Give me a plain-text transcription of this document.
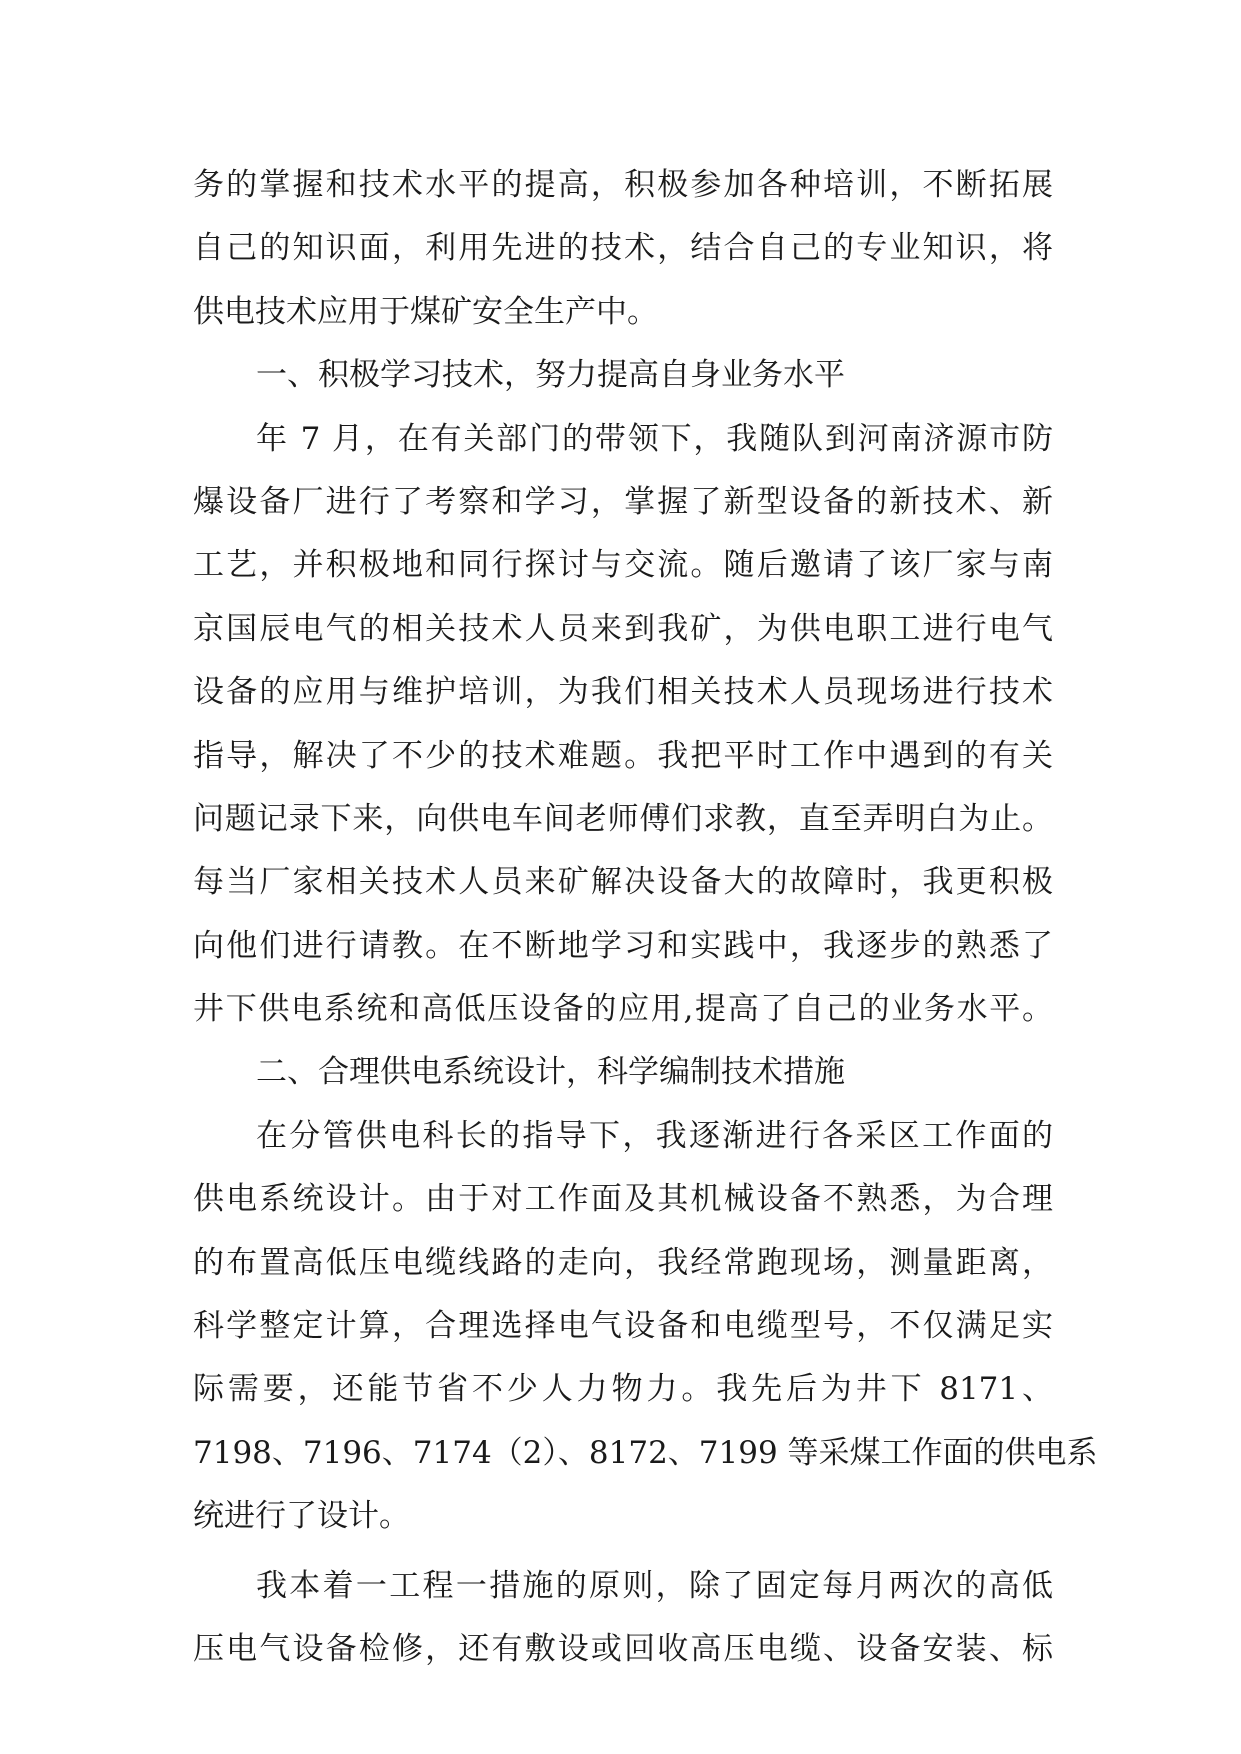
务的掌握和技术水平的提高，积极参加各种培训，不断拓展
自己的知识面，利用先进的技术，结合自己的专业知识，将
供电技术应用于煤矿安全生产中。
一、积极学习技术，努力提高自身业务水平
年 7 月，在有关部门的带领下，我随队到河南济源市防
爆设备厂进行了考察和学习，掌握了新型设备的新技术、新
工艺，并积极地和同行探讨与交流。随后邀请了该厂家与南
京国辰电气的相关技术人员来到我矿，为供电职工进行电气
设备的应用与维护培训，为我们相关技术人员现场进行技术
指导，解决了不少的技术难题。我把平时工作中遇到的有关
问题记录下来，向供电车间老师傅们求教，直至弄明白为止。
每当厂家相关技术人员来矿解决设备大的故障时，我更积极
向他们进行请教。在不断地学习和实践中，我逐步的熟悉了
井下供电系统和高低压设备的应用,提高了自己的业务水平。
二、合理供电系统设计，科学编制技术措施
在分管供电科长的指导下，我逐渐进行各采区工作面的
供电系统设计。由于对工作面及其机械设备不熟悉，为合理
的布置高低压电缆线路的走向，我经常跑现场，测量距离，
科学整定计算，合理选择电气设备和电缆型号，不仅满足实
际需要，还能节省不少人力物力。我先后为井下 8171、
7198、7196、7174（2）、8172、7199 等采煤工作面的供电系
统进行了设计。
我本着一工程一措施的原则，除了固定每月两次的高低
压电气设备检修，还有敷设或回收高压电缆、设备安装、标
